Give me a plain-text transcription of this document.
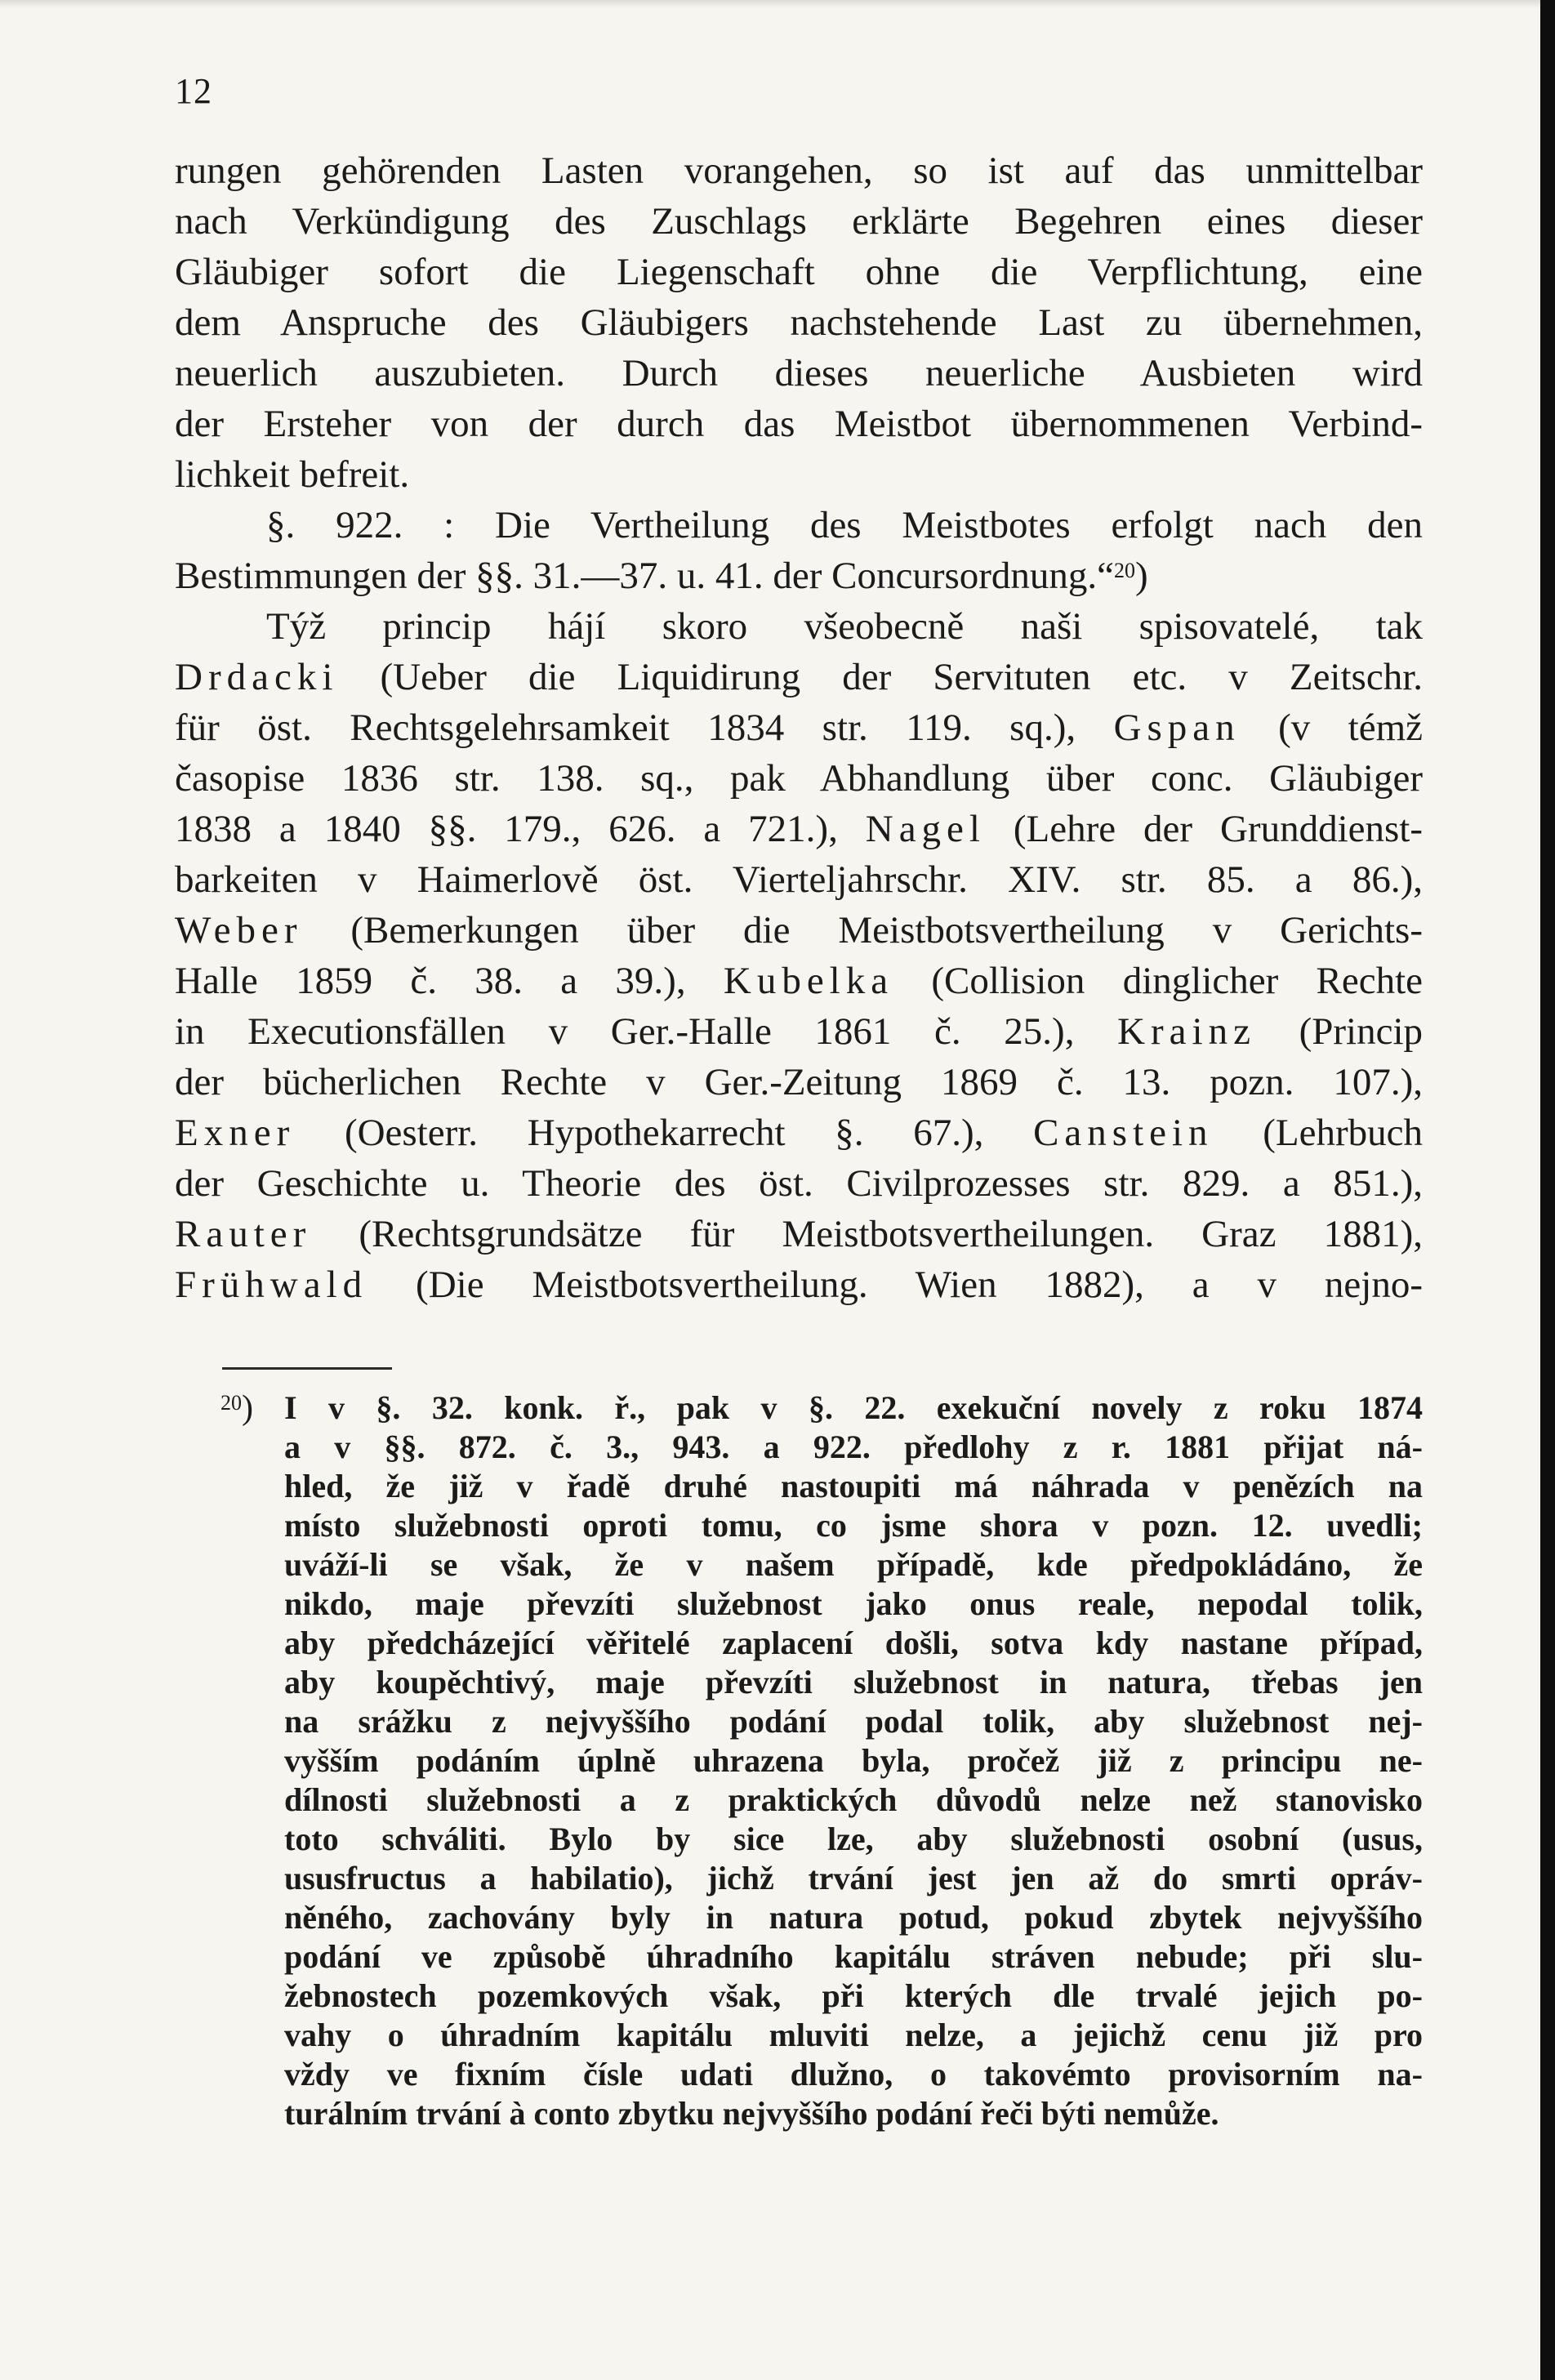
12
rungen gehörenden Lasten vorangehen, so ist auf das unmittelbar
nach Verkündigung des Zuschlags erklärte Begehren eines dieser
Gläubiger sofort die Liegenschaft ohne die Verpflichtung, eine
dem Anspruche des Gläubigers nachstehende Last zu übernehmen,
neuerlich auszubieten. Durch dieses neuerliche Ausbieten wird
der Ersteher von der durch das Meistbot übernommenen Verbind-
lichkeit befreit.
§. 922. : Die Vertheilung des Meistbotes erfolgt nach den
Bestimmungen der §§. 31.—37. u. 41. der Concursordnung.“$^{20}$)
Týž princip hájí skoro všeobecně naši spisovatelé, tak
Drdacki (Ueber die Liquidirung der Servituten etc. v Zeitschr.
für öst. Rechtsgelehrsamkeit 1834 str. 119. sq.), Gspan (v témž
časopise 1836 str. 138. sq., pak Abhandlung über conc. Gläubiger
1838 a 1840 §§. 179., 626. a 721.), Nagel (Lehre der Grunddienst-
barkeiten v Haimerlově öst. Vierteljahrschr. XIV. str. 85. a 86.),
Weber (Bemerkungen über die Meistbotsvertheilung v Gerichts-
Halle 1859 č. 38. a 39.), Kubelka (Collision dinglicher Rechte
in Executionsfällen v Ger.-Halle 1861 č. 25.), Krainz (Princip
der bücherlichen Rechte v Ger.-Zeitung 1869 č. 13. pozn. 107.),
Exner (Oesterr. Hypothekarrecht §. 67.), Canstein (Lehrbuch
der Geschichte u. Theorie des öst. Civilprozesses str. 829. a 851.),
Rauter (Rechtsgrundsätze für Meistbotsvertheilungen. Graz 1881),
Frühwald (Die Meistbotsvertheilung. Wien 1882), a v nejno-
$^{20}$) I v §. 32. konk. ř., pak v §. 22. exekuční novely z roku 1874
a v §§. 872. č. 3., 943. a 922. předlohy z r. 1881 přijat ná-
hled, že již v řadě druhé nastoupiti má náhrada v penězích na
místo služebnosti oproti tomu, co jsme shora v pozn. 12. uvedli;
uváží-li se však, že v našem případě, kde předpokládáno, že
nikdo, maje převzíti služebnost jako onus reale, nepodal tolik,
aby předcházející věřitelé zaplacení došli, sotva kdy nastane případ,
aby koupěchtivý, maje převzíti služebnost in natura, třebas jen
na srážku z nejvyššího podání podal tolik, aby služebnost nej-
vyšším podáním úplně uhrazena byla, pročež již z principu ne-
dílnosti služebnosti a z praktických důvodů nelze než stanovisko
toto schváliti. Bylo by sice lze, aby služebnosti osobní (usus,
ususfructus a habilatio), jichž trvání jest jen až do smrti opráv-
něného, zachovány byly in natura potud, pokud zbytek nejvyššího
podání ve způsobě úhradního kapitálu stráven nebude; při slu-
žebnostech pozemkových však, při kterých dle trvalé jejich po-
vahy o úhradním kapitálu mluviti nelze, a jejichž cenu již pro
vždy ve fixním čísle udati dlužno, o takovémto provisorním na-
turálním trvání à conto zbytku nejvyššího podání řeči býti nemůže.
